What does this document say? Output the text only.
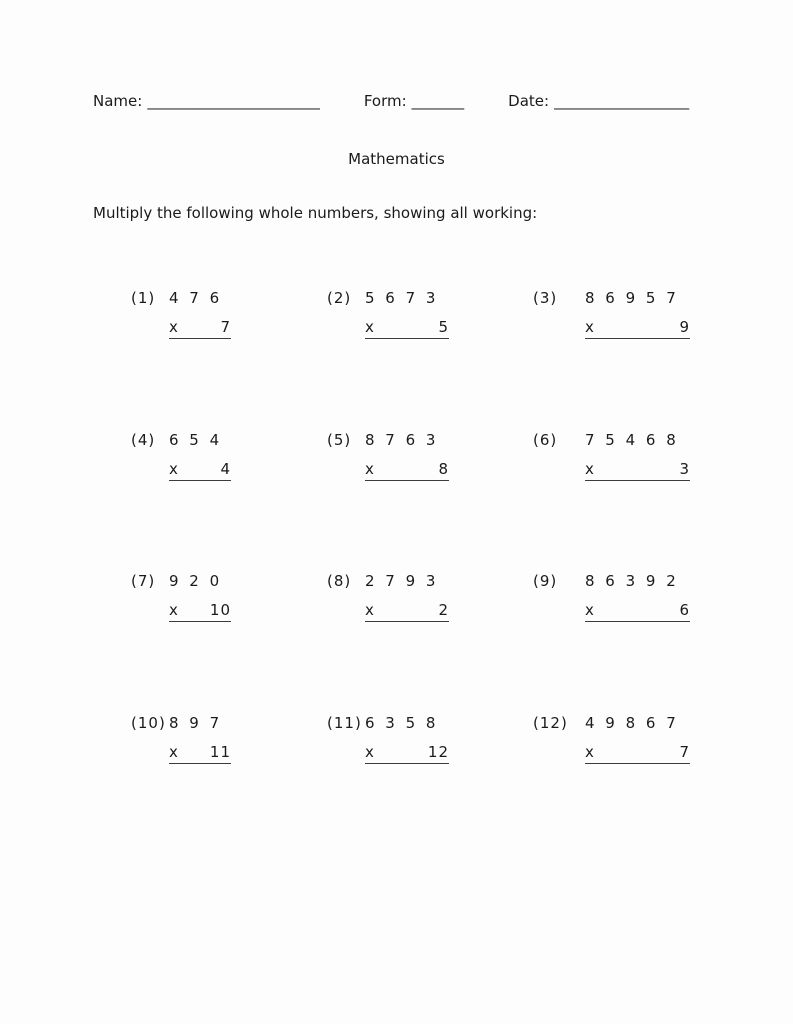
Name: _______________________	Form: _______	Date: __________________
Mathematics
Multiply the following whole numbers, showing all working:
(1) 4 7 6
x	7
(2) 5 6 7 3
x	5
(3)	8 6 9 5 7
x	9
(4) 6 5 4
x	4
(5) 8 7 6 3
x	8
(6)	7 5 4 6 8
x	3
(7) 9 2 0
x 10
(8) 2 7 9 3
x	2
(9)	8 6 3 9 2
x	6
(10) 8 9 7
x 11
(11) 6 3 5 8
x	12
(12)	4 9 8 6 7
x	7
